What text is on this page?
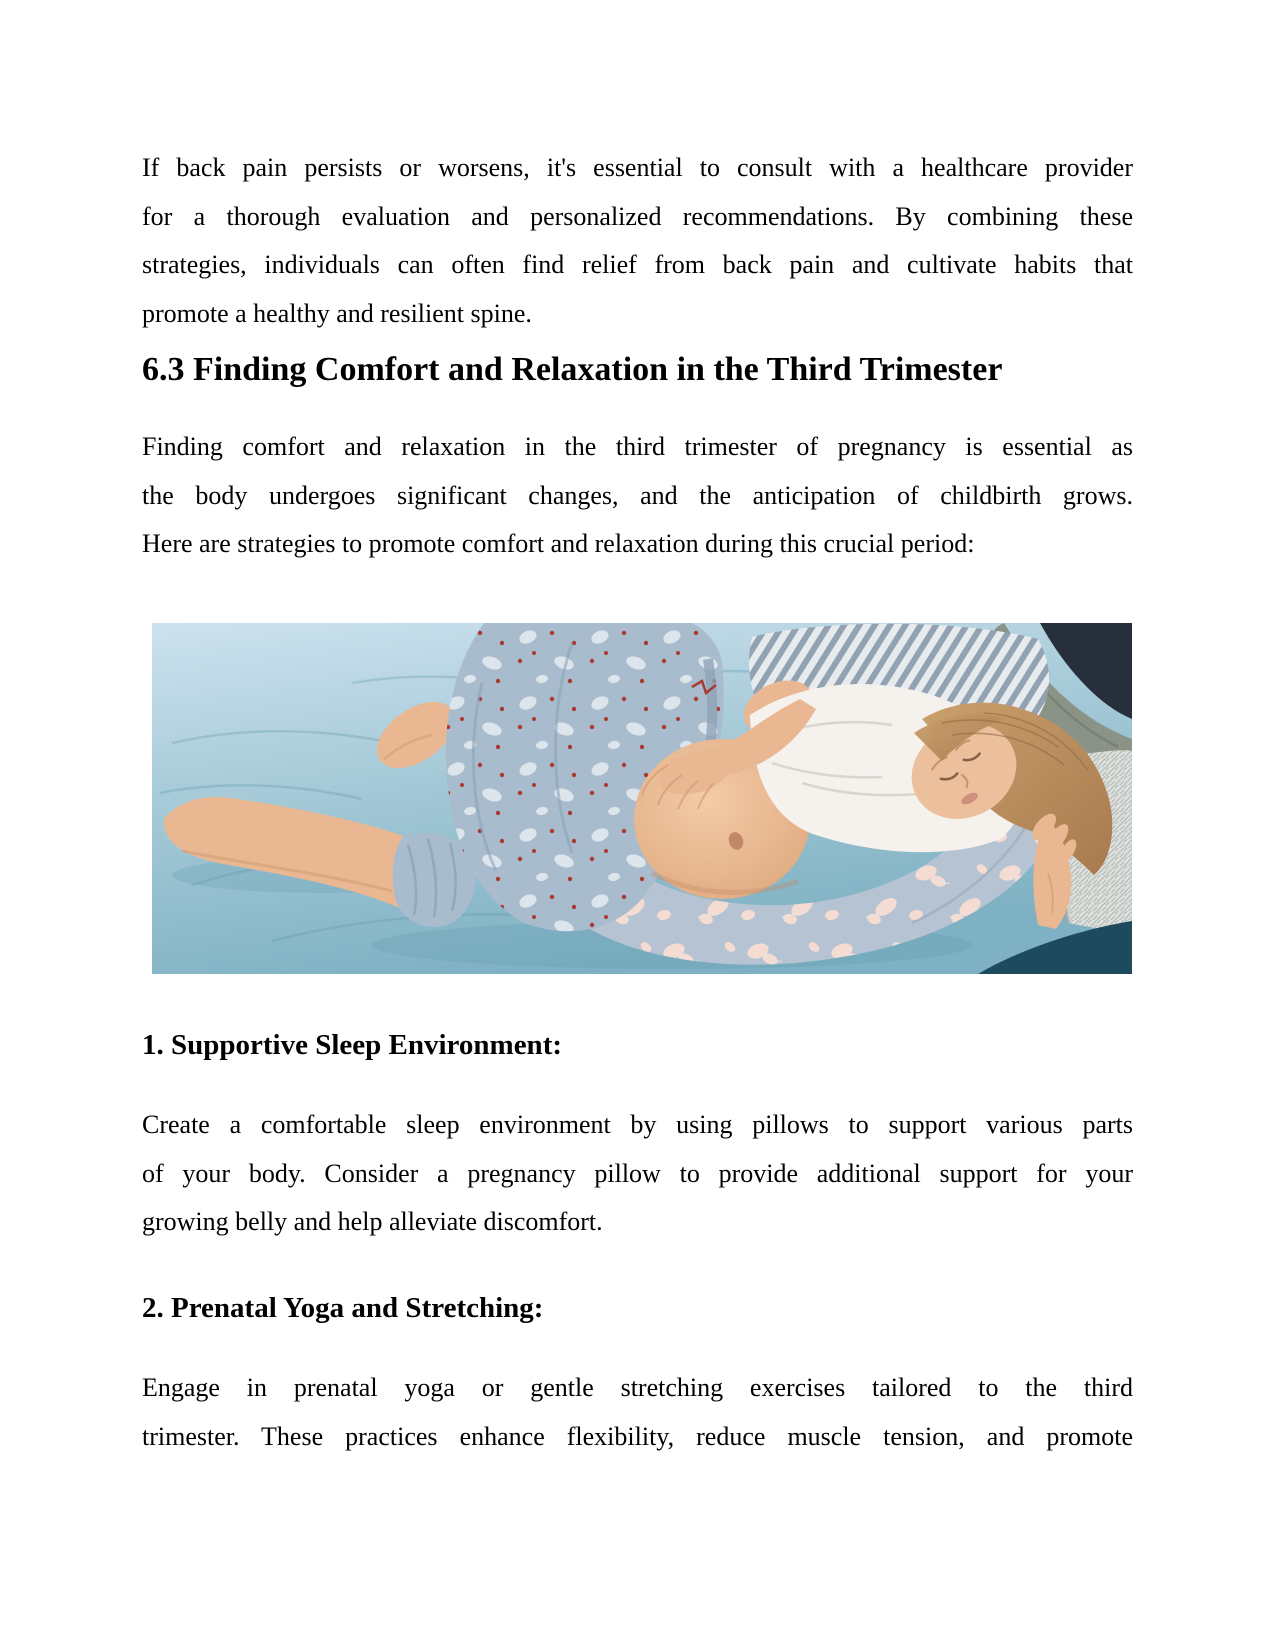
If back pain persists or worsens, it's essential to consult with a healthcare provider
for a thorough evaluation and personalized recommendations. By combining these
strategies, individuals can often find relief from back pain and cultivate habits that
promote a healthy and resilient spine.
6.3 Finding Comfort and Relaxation in the Third Trimester
Finding comfort and relaxation in the third trimester of pregnancy is essential as
the body undergoes significant changes, and the anticipation of childbirth grows.
Here are strategies to promote comfort and relaxation during this crucial period:
1. Supportive Sleep Environment:
Create a comfortable sleep environment by using pillows to support various parts
of your body. Consider a pregnancy pillow to provide additional support for your
growing belly and help alleviate discomfort.
2. Prenatal Yoga and Stretching:
Engage in prenatal yoga or gentle stretching exercises tailored to the third
trimester. These practices enhance flexibility, reduce muscle tension, and promote
